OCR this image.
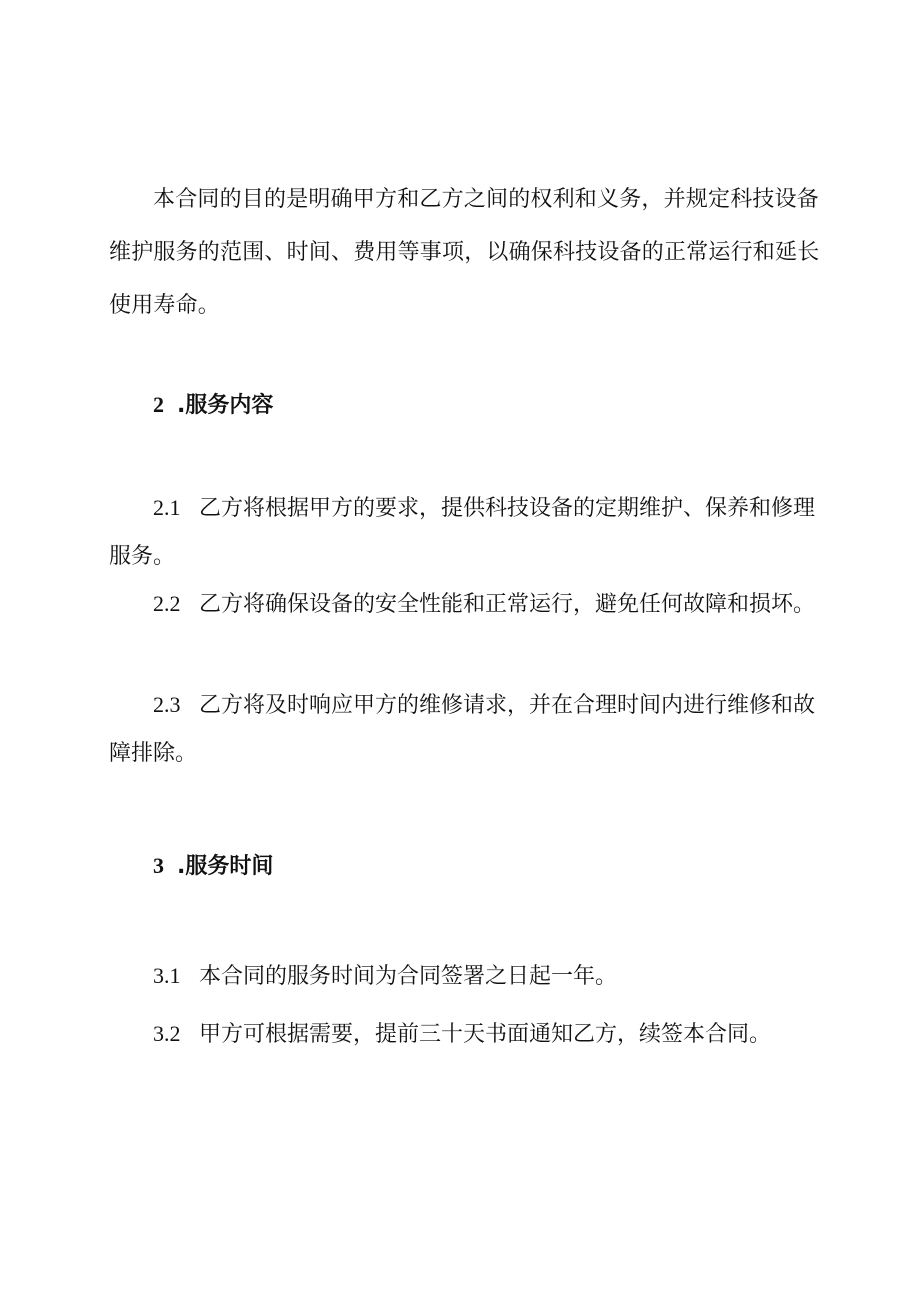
本合同的目的是明确甲方和乙方之间的权利和义务，并规定科技设备维护服务的范围、时间、费用等事项，以确保科技设备的正常运行和延长使用寿命。

2 .服务内容

2.1 乙方将根据甲方的要求，提供科技设备的定期维护、保养和修理服务。

2.2 乙方将确保设备的安全性能和正常运行，避免任何故障和损坏。

2.3 乙方将及时响应甲方的维修请求，并在合理时间内进行维修和故障排除。

3 .服务时间

3.1 本合同的服务时间为合同签署之日起一年。

3.2 甲方可根据需要，提前三十天书面通知乙方，续签本合同。
